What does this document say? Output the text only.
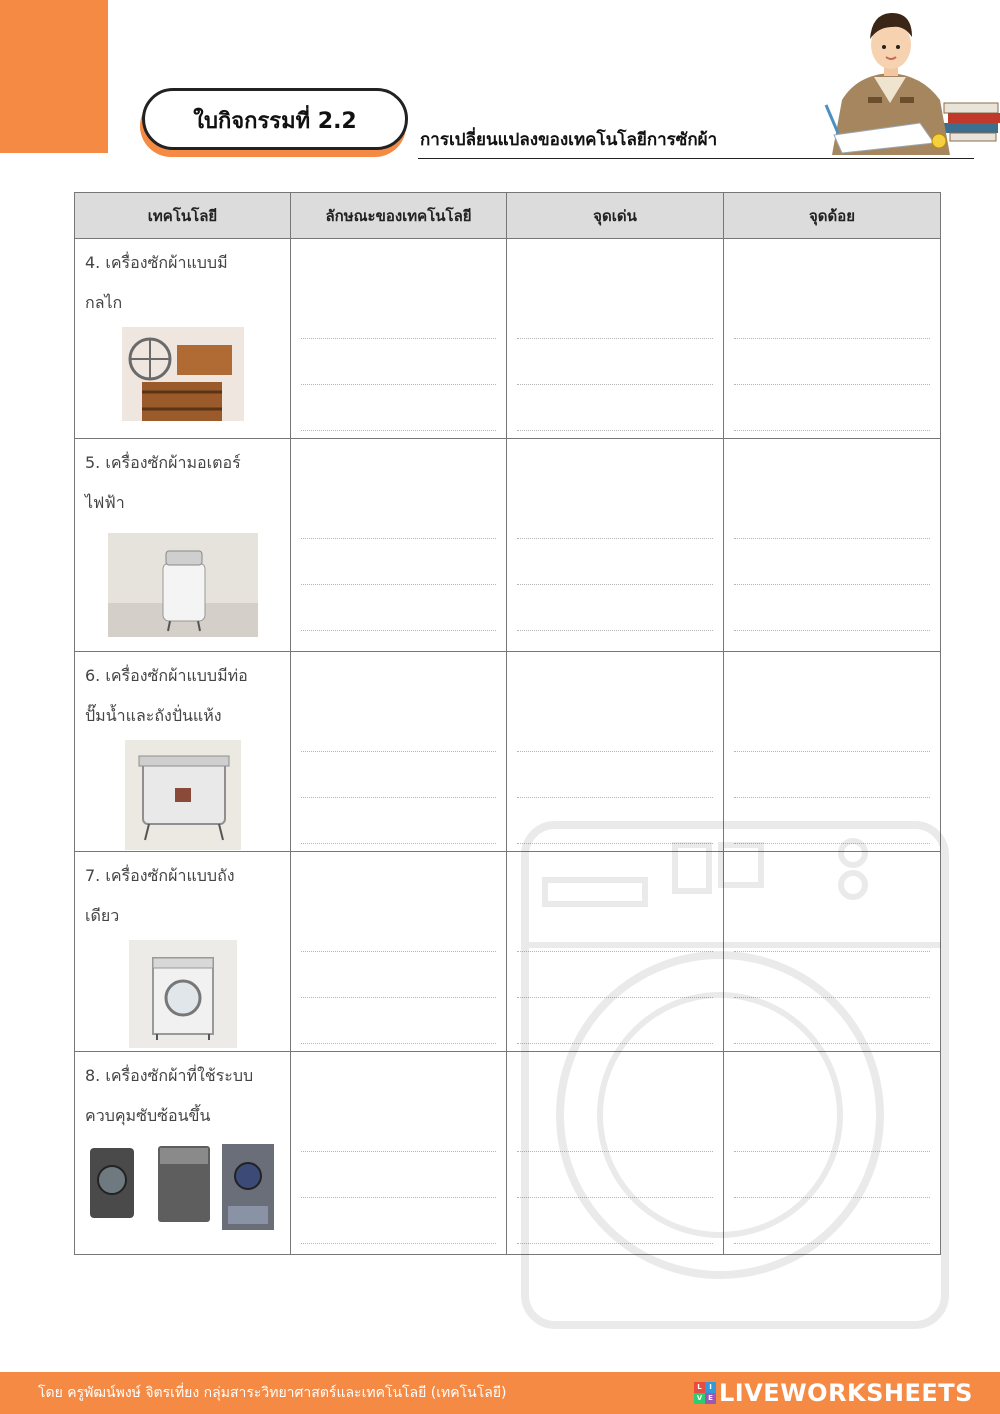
ใบกิจกรรมที่ 2.2
การเปลี่ยนแปลงของเทคโนโลยีการซักผ้า
เทคโนโลยี	ลักษณะของเทคโนโลยี	จุดเด่น	จุดด้อย

4. เครื่องซักผ้าแบบมี
กลไก			

5. เครื่องซักผ้ามอเตอร์
ไฟฟ้า			

6. เครื่องซักผ้าแบบมีท่อ
ปั๊มน้ำและถังปั่นแห้ง			

7. เครื่องซักผ้าแบบถัง
เดียว			

8. เครื่องซักผ้าที่ใช้ระบบ
ควบคุมซับซ้อนขึ้น			

โดย ครูพัฒน์พงษ์ จิตรเที่ยง กลุ่มสาระวิทยาศาสตร์และเทคโนโลยี (เทคโนโลยี)	L	I
V E LIVEWORKSHEETS
